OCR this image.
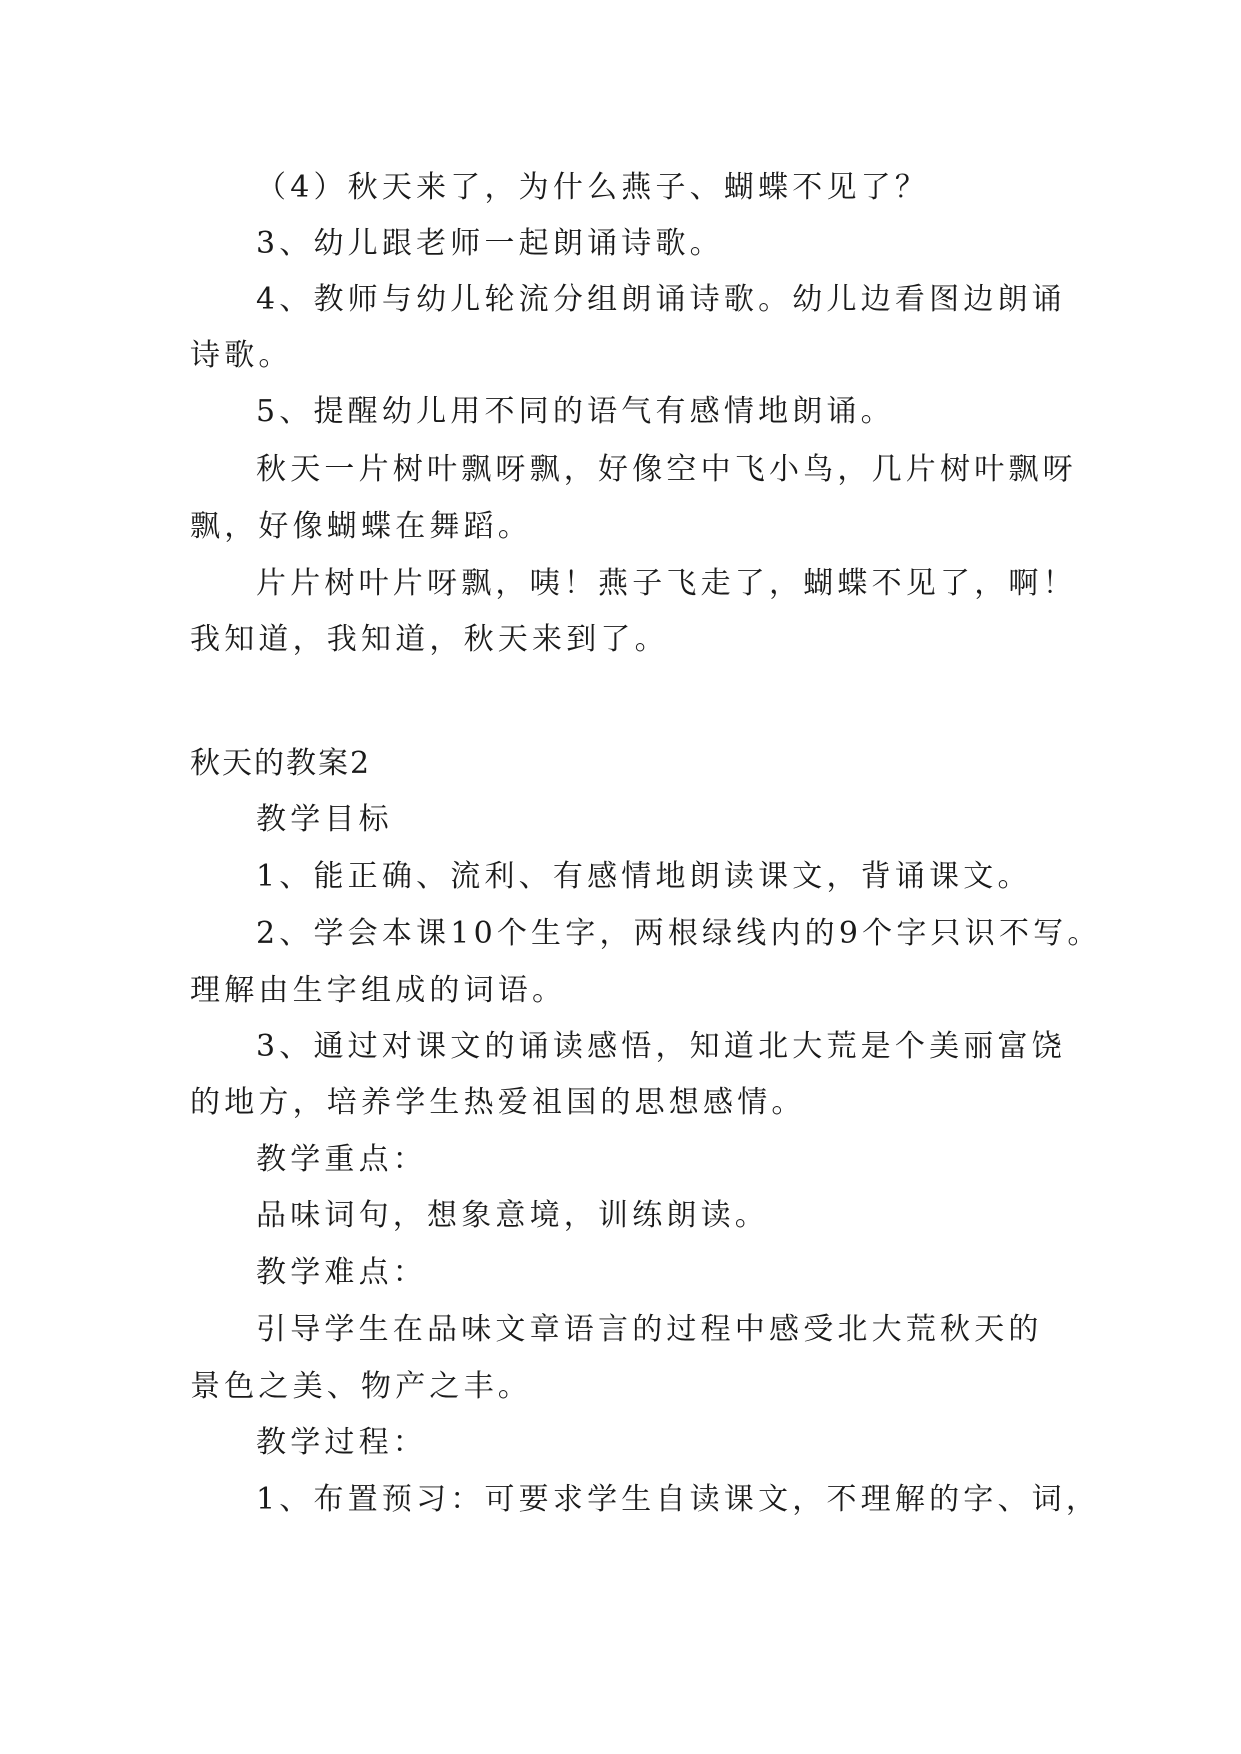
（4）秋天来了，为什么燕子、蝴蝶不见了？
3、幼儿跟老师一起朗诵诗歌。
4、教师与幼儿轮流分组朗诵诗歌。幼儿边看图边朗诵
诗歌。
5、提醒幼儿用不同的语气有感情地朗诵。
秋天一片树叶飘呀飘，好像空中飞小鸟，几片树叶飘呀
飘，好像蝴蝶在舞蹈。
片片树叶片呀飘，咦！燕子飞走了，蝴蝶不见了，啊！
我知道，我知道，秋天来到了。
秋天的教案2
教学目标
1、能正确、流利、有感情地朗读课文，背诵课文。
2、学会本课10个生字，两根绿线内的9个字只识不写。
理解由生字组成的词语。
3、通过对课文的诵读感悟，知道北大荒是个美丽富饶
的地方，培养学生热爱祖国的思想感情。
教学重点：
品味词句，想象意境，训练朗读。
教学难点：
引导学生在品味文章语言的过程中感受北大荒秋天的
景色之美、物产之丰。
教学过程：
1、布置预习：可要求学生自读课文，不理解的字、词，
